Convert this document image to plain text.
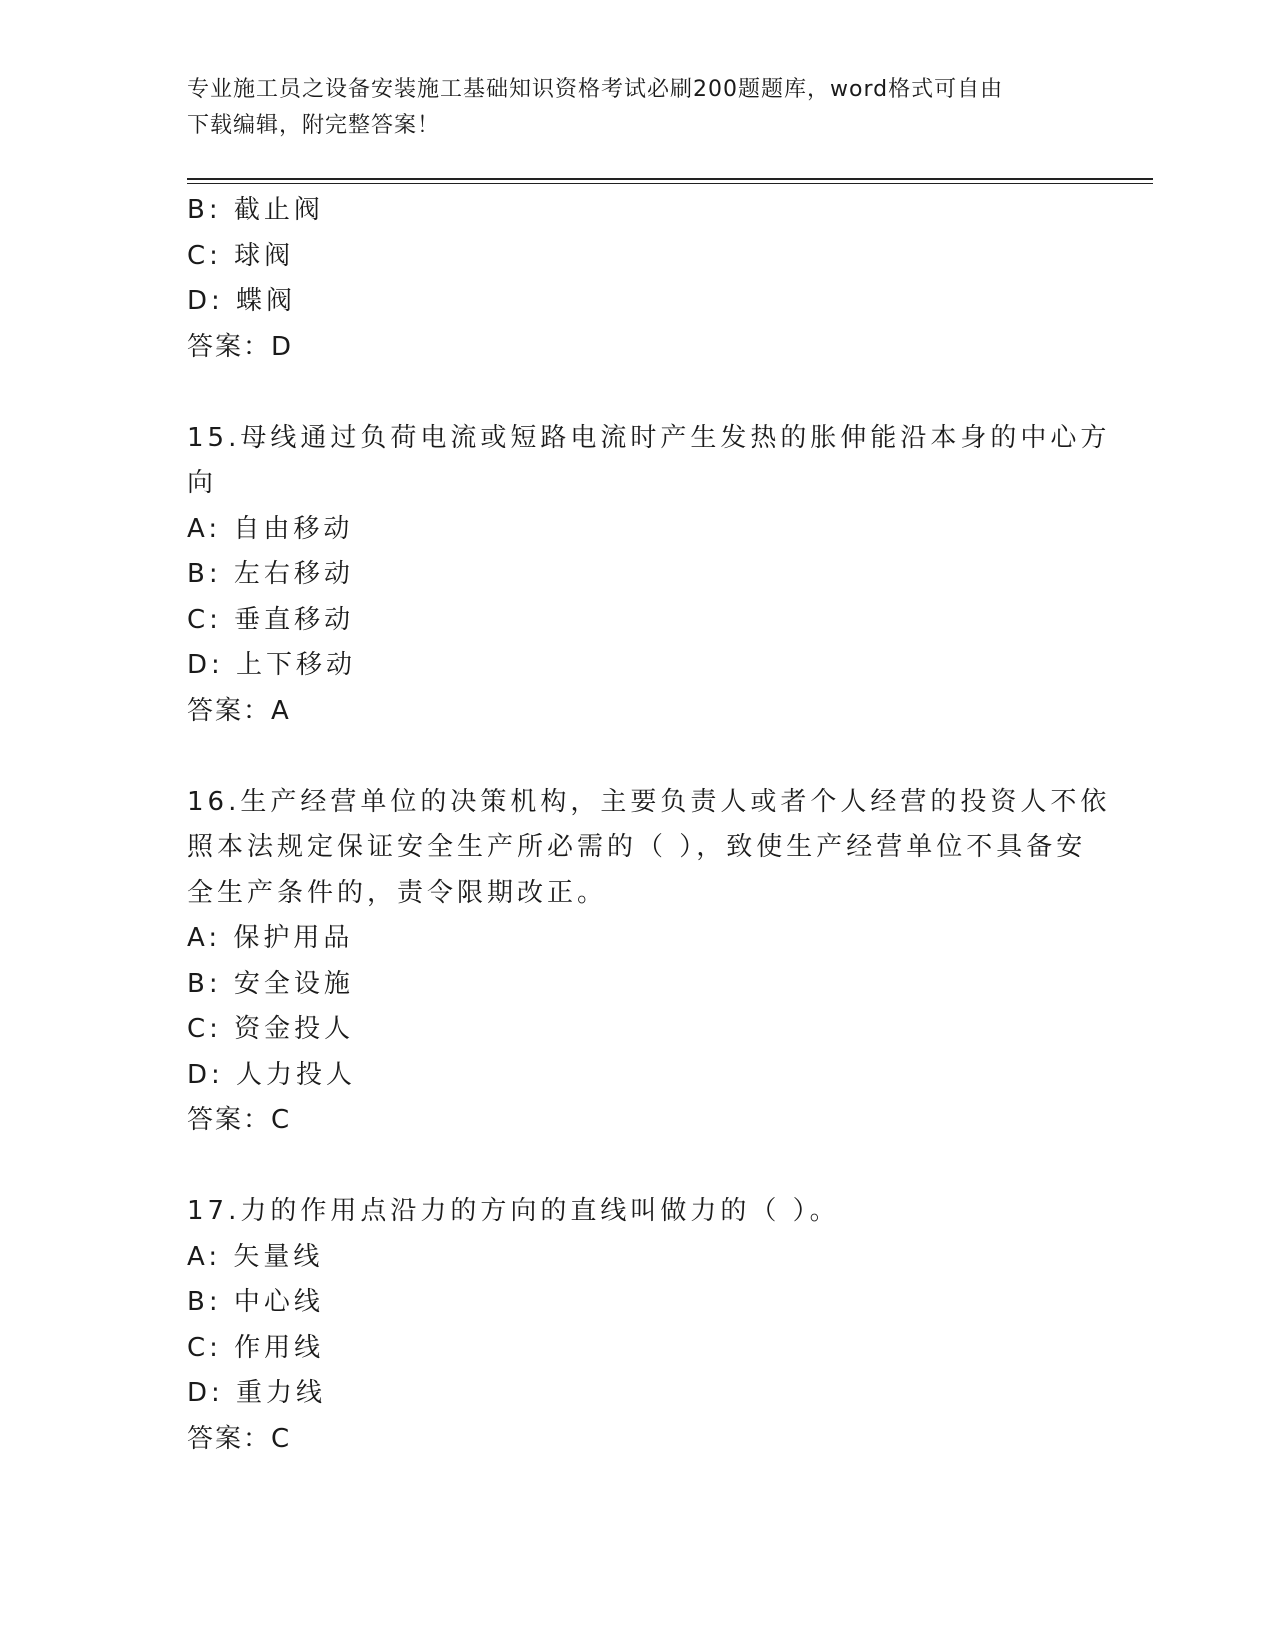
专业施工员之设备安装施工基础知识资格考试必刷200题题库，word格式可自由
下载编辑，附完整答案！
B: 截止阀
C: 球阀
D: 蝶阀
答案：D
15.母线通过负荷电流或短路电流时产生发热的胀伸能沿本身的中心方
向
A: 自由移动
B: 左右移动
C: 垂直移动
D: 上下移动
答案：A
16.生产经营单位的决策机构，主要负责人或者个人经营的投资人不依
照本法规定保证安全生产所必需的（ ），致使生产经营单位不具备安
全生产条件的，责令限期改正。
A: 保护用品
B: 安全设施
C: 资金投人
D: 人力投人
答案：C
17.力的作用点沿力的方向的直线叫做力的（ ）。
A: 矢量线
B: 中心线
C: 作用线
D: 重力线
答案：C
